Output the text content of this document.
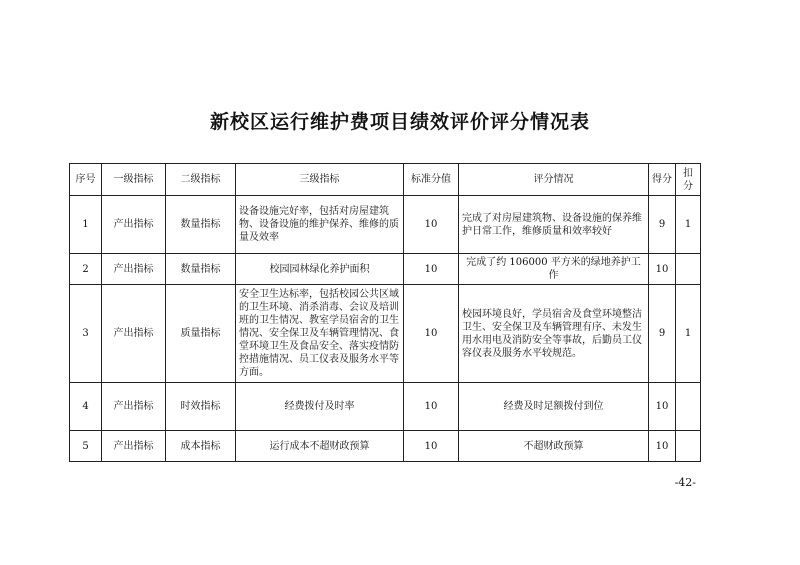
新校区运行维护费项目绩效评价评分情况表
序号	一级指标	二级指标	三级指标	标准分值	评分情况	得分	扣分
1	产出指标	数量指标	设备设施完好率，包括对房屋建筑物、设备设施的维护保养、维修的质量及效率	10	完成了对房屋建筑物、设备设施的保养维护日常工作，维修质量和效率较好	9	1
2	产出指标	数量指标	校园园林绿化养护面积	10	完成了约 106000 平方米的绿地养护工作	10	
3	产出指标	质量指标	安全卫生达标率，包括校园公共区域的卫生环境、消杀消毒、会议及培训班的卫生情况、教室学员宿舍的卫生情况、安全保卫及车辆管理情况、食堂环境卫生及食品安全、落实疫情防控措施情况、员工仪表及服务水平等方面。	10	校园环境良好，学员宿舍及食堂环境整洁卫生、安全保卫及车辆管理有序、未发生用水用电及消防安全等事故，后勤员工仪容仪表及服务水平较规范。	9	1
4	产出指标	时效指标	经费拨付及时率	10	经费及时足额拨付到位	10	
5	产出指标	成本指标	运行成本不超财政预算	10	不超财政预算	10	
-42-
